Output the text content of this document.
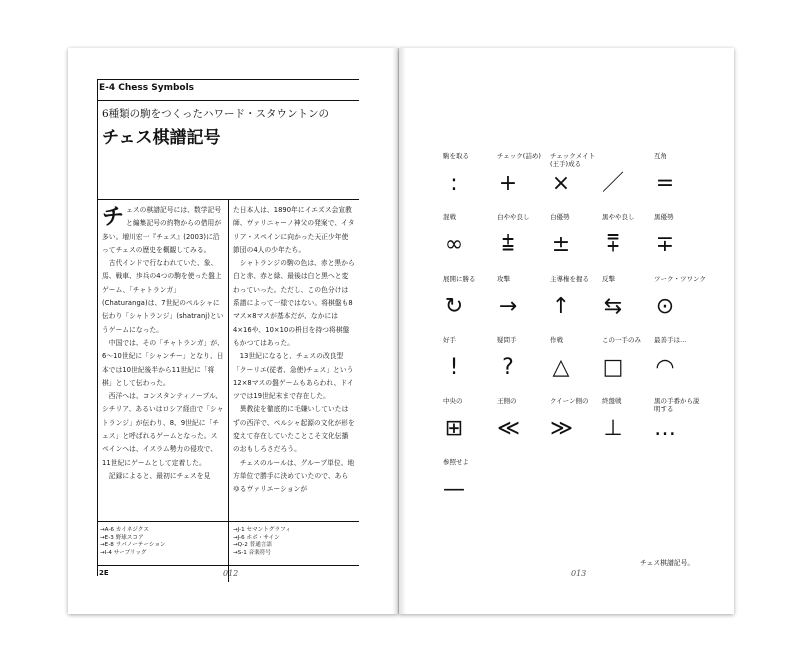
E-4 Chess Symbols
6種類の駒をつくったハワード・スタウントンの
チェス棋譜記号
チ ェスの棋譜記号には、数学記号と編集記号の約物からの借用が多い。増川宏一『チェス』(2003)に沿ってチェスの歴史を概観してみる。

　古代インドで行なわれていた、象、馬、戦車、歩兵の4つの駒を使った盤上ゲーム、「チャトランガ」(Chaturanga)は、7世紀のペルシャに伝わり「シャトランジ」(shatranj)というゲームになった。

　中国では、その「チャトランガ」が、6～10世紀に「シャンチー」となり、日本では10世紀後半から11世紀に「将棋」として伝わった。

　西洋へは、コンスタンティノープル、シチリア、あるいはロシア経由で「シャトランジ」が伝わり、8、9世紀に「チェス」と呼ばれるゲームとなった。スペインへは、イスラム勢力の侵攻で、11世紀にゲームとして定着した。

　記録によると、最初にチェスを見

た日本人は、1890年にイエズス会宣教師、ヴァリニャーノ神父の発案で、イタリア・スペインに向かった天正少年使節団の4人の少年たち。

　シャトランジの駒の色は、赤と黒から白と赤、赤と緑、最後は白と黒へと変わっていった。ただし、この色分けは系譜によって一様ではない。将棋盤も8マス×8マスが基本だが、なかには4×16や、10×10の枡目を持つ将棋盤もかつてはあった。

　13世紀になると、チェスの改良型「クーリエ(従者、急使)チェス」という12×8マスの盤ゲームもあらわれ、ドイツでは19世紀末まで存在した。

　異教徒を徹底的に毛嫌いしていたはずの西洋で、ペルシャ起源の文化が形を変えて存在していたことこそ文化伝播のおもしろさだろう。

　チェスのルールは、グループ単位、地方単位で勝手に決めていたので、あらゆるヴァリエーションが

→A-6 カイネジクス
→E-3 野球スコア
→E-8 ラバノーテーション
→I-4 サーブリッグ
→J-1 セマントグラフィ
→J-6 ホボ・サイン
→Q-2 普通言語
→S-1 音楽符号
2E	012	013
チェス棋譜記号。
駒を取る
:
チェック(詰め)
+
チェックメイト(王手)成る
× ／
互角
=
混戦
∞
白やや良し
⩲
白優勢
±
黒やや良し
⩱
黒優勢
∓
展開に勝る
↻
攻撃
→
主導権を握る
↑
反撃
⇆
ツーク・ツワンク
⊙
好手
!
疑問手
?
作戦
△
この一手のみ
□
最善手は…
◠
中央の
⊞
王側の
≪
クイーン側の
≫
終盤戦
⊥
黒の手番から説明する
…
参照せよ
—
